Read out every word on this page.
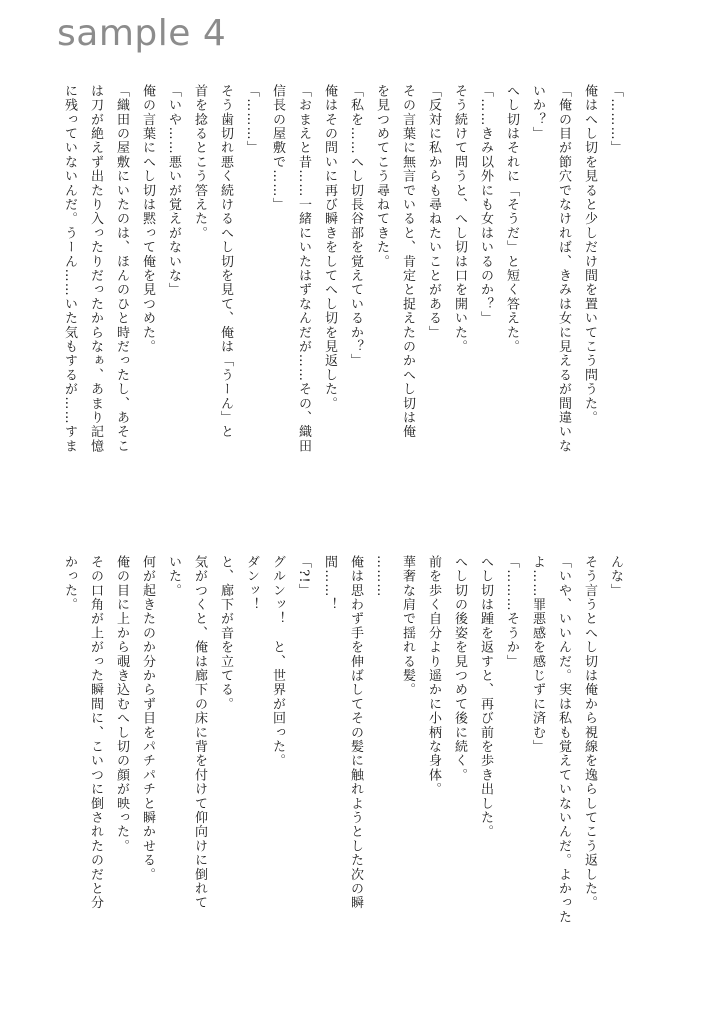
sample 4

「………」

俺はへし切を見ると少しだけ間を置いてこう問うた。

「俺の目が節穴でなければ、きみは女に見えるが間違いな

いか？」

へし切はそれに「そうだ」と短く答えた。

「……きみ以外にも女はいるのか？」

そう続けて問うと、へし切は口を開いた。

「反対に私からも尋ねたいことがある」

その言葉に無言でいると、肯定と捉えたのかへし切は俺

を見つめてこう尋ねてきた。

「私を……へし切長谷部を覚えているか？」

俺はその問いに再び瞬きをしてへし切を見返した。

「おまえと昔……一緒にいたはずなんだが……その、織田

信長の屋敷で……」

「………」

そう歯切れ悪く続けるへし切を見て、俺は「うーん」と

首を捻るとこう答えた。

「いや……悪いが覚えがないな」

俺の言葉にへし切は黙って俺を見つめた。

「織田の屋敷にいたのは、ほんのひと時だったし、あそこ

は刀が絶えず出たり入ったりだったからなぁ、あまり記憶

に残っていないんだ。うーん……いた気もするが……すま

んな」

そう言うとへし切は俺から視線を逸らしてこう返した。

「いや、いいんだ。実は私も覚えていないんだ。よかった

よ……罪悪感を感じずに済む」

「………そうか」

へし切は踵を返すと、再び前を歩き出した。

へし切の後姿を見つめて後に続く。

前を歩く自分より遥かに小柄な身体。

華奢な肩で揺れる髪。

………

俺は思わず手を伸ばしてその髪に触れようとした次の瞬

間……！

「?!」

グルンッ！　と、世界が回った。

ダンッ！

と、廊下が音を立てる。

気がつくと、俺は廊下の床に背を付けて仰向けに倒れて

いた。

何が起きたのか分からず目をパチパチと瞬かせる。

俺の目に上から覗き込むへし切の顔が映った。

その口角が上がった瞬間に、こいつに倒されたのだと分

かった。
